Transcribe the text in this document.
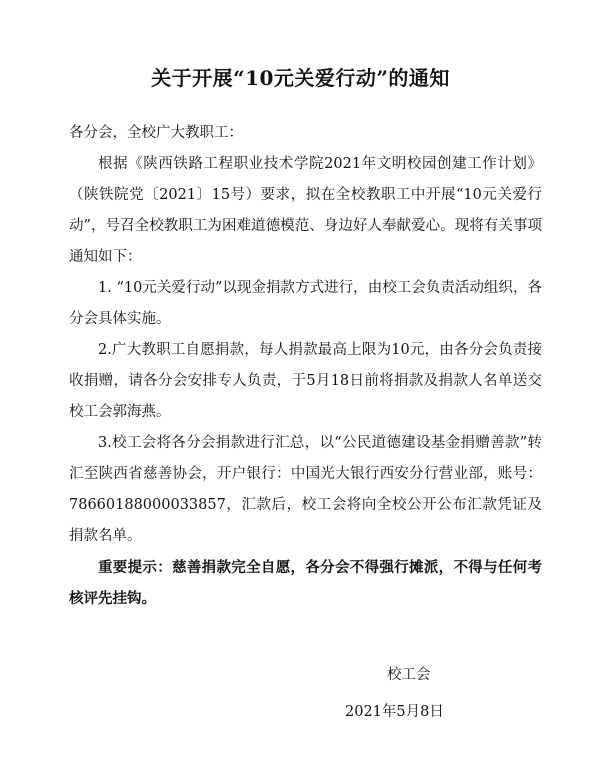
关于开展“10元关爱行动”的通知

各分会，全校广大教职工：

根据《陕西铁路工程职业技术学院2021年文明校园创建工作计划》（陕铁院党〔2021〕15号）要求，拟在全校教职工中开展“10元关爱行动”，号召全校教职工为困难道德模范、身边好人奉献爱心。现将有关事项通知如下：

1. “10元关爱行动”以现金捐款方式进行，由校工会负责活动组织，各分会具体实施。

2.广大教职工自愿捐款，每人捐款最高上限为10元，由各分会负责接收捐赠，请各分会安排专人负责，于5月18日前将捐款及捐款人名单送交校工会郭海燕。

3.校工会将各分会捐款进行汇总，以“公民道德建设基金捐赠善款”转汇至陕西省慈善协会，开户银行：中国光大银行西安分行营业部，账号：78660188000033857，汇款后，校工会将向全校公开公布汇款凭证及捐款名单。

重要提示：慈善捐款完全自愿，各分会不得强行摊派，不得与任何考核评先挂钩。

校工会
2021年5月8日
